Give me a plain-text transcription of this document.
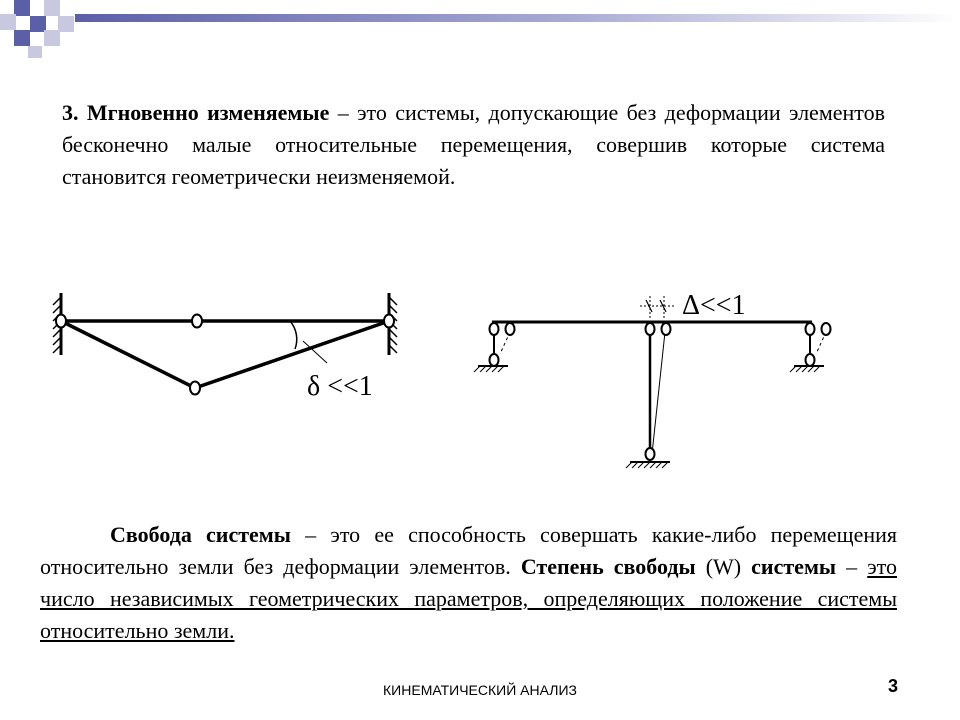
3. Мгновенно изменяемые – это системы, допускающие без деформации элементов бесконечно малые относительные перемещения, совершив которые система становится геометрически неизменяемой.

δ <<1
Δ<<1

Свобода системы – это ее способность совершать какие-либо перемещения относительно земли без деформации элементов. Степень свободы (W) системы – это число независимых геометрических параметров, определяющих положение системы относительно земли.

КИНЕМАТИЧЕСКИЙ АНАЛИЗ	3
